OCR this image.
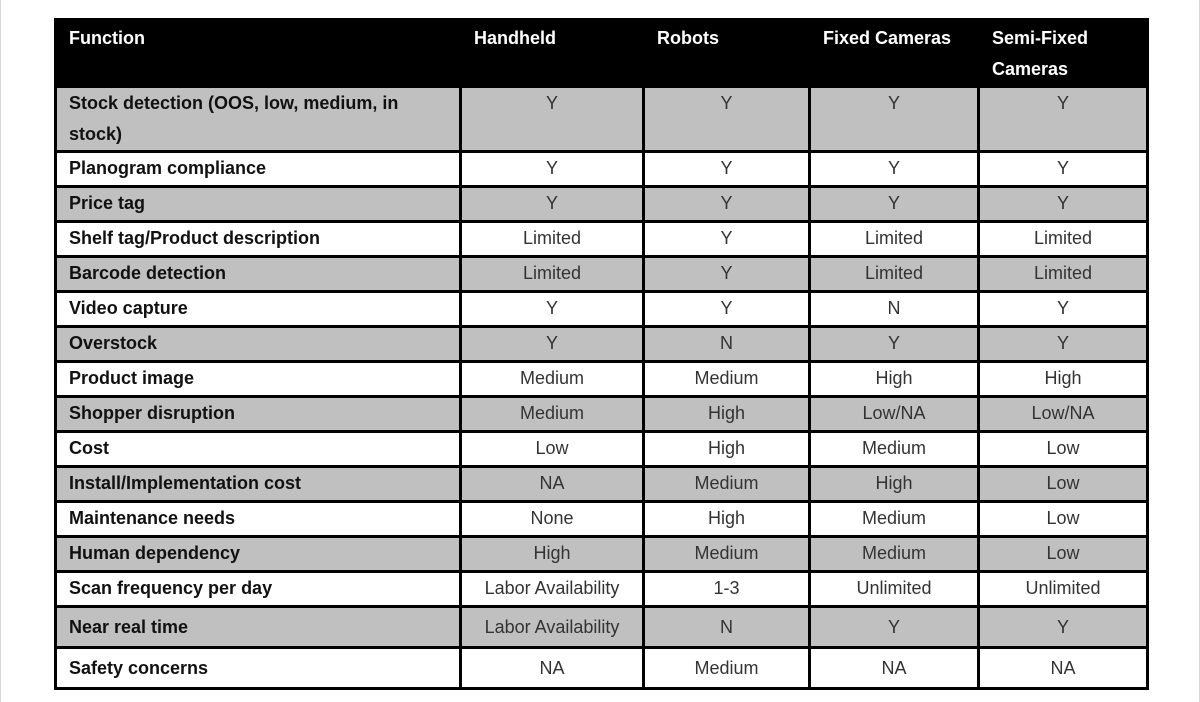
Function	Handheld	Robots	Fixed Cameras	Semi-Fixed Cameras
Stock detection (OOS, low, medium, in stock)	Y	Y	Y	Y
Planogram compliance	Y	Y	Y	Y
Price tag	Y	Y	Y	Y
Shelf tag/Product description	Limited	Y	Limited	Limited
Barcode detection	Limited	Y	Limited	Limited
Video capture	Y	Y	N	Y
Overstock	Y	N	Y	Y
Product image	Medium	Medium	High	High
Shopper disruption	Medium	High	Low/NA	Low/NA
Cost	Low	High	Medium	Low
Install/Implementation cost	NA	Medium	High	Low
Maintenance needs	None	High	Medium	Low
Human dependency	High	Medium	Medium	Low
Scan frequency per day	Labor Availability	1-3	Unlimited	Unlimited
Near real time	Labor Availability	N	Y	Y
Safety concerns	NA	Medium	NA	NA
